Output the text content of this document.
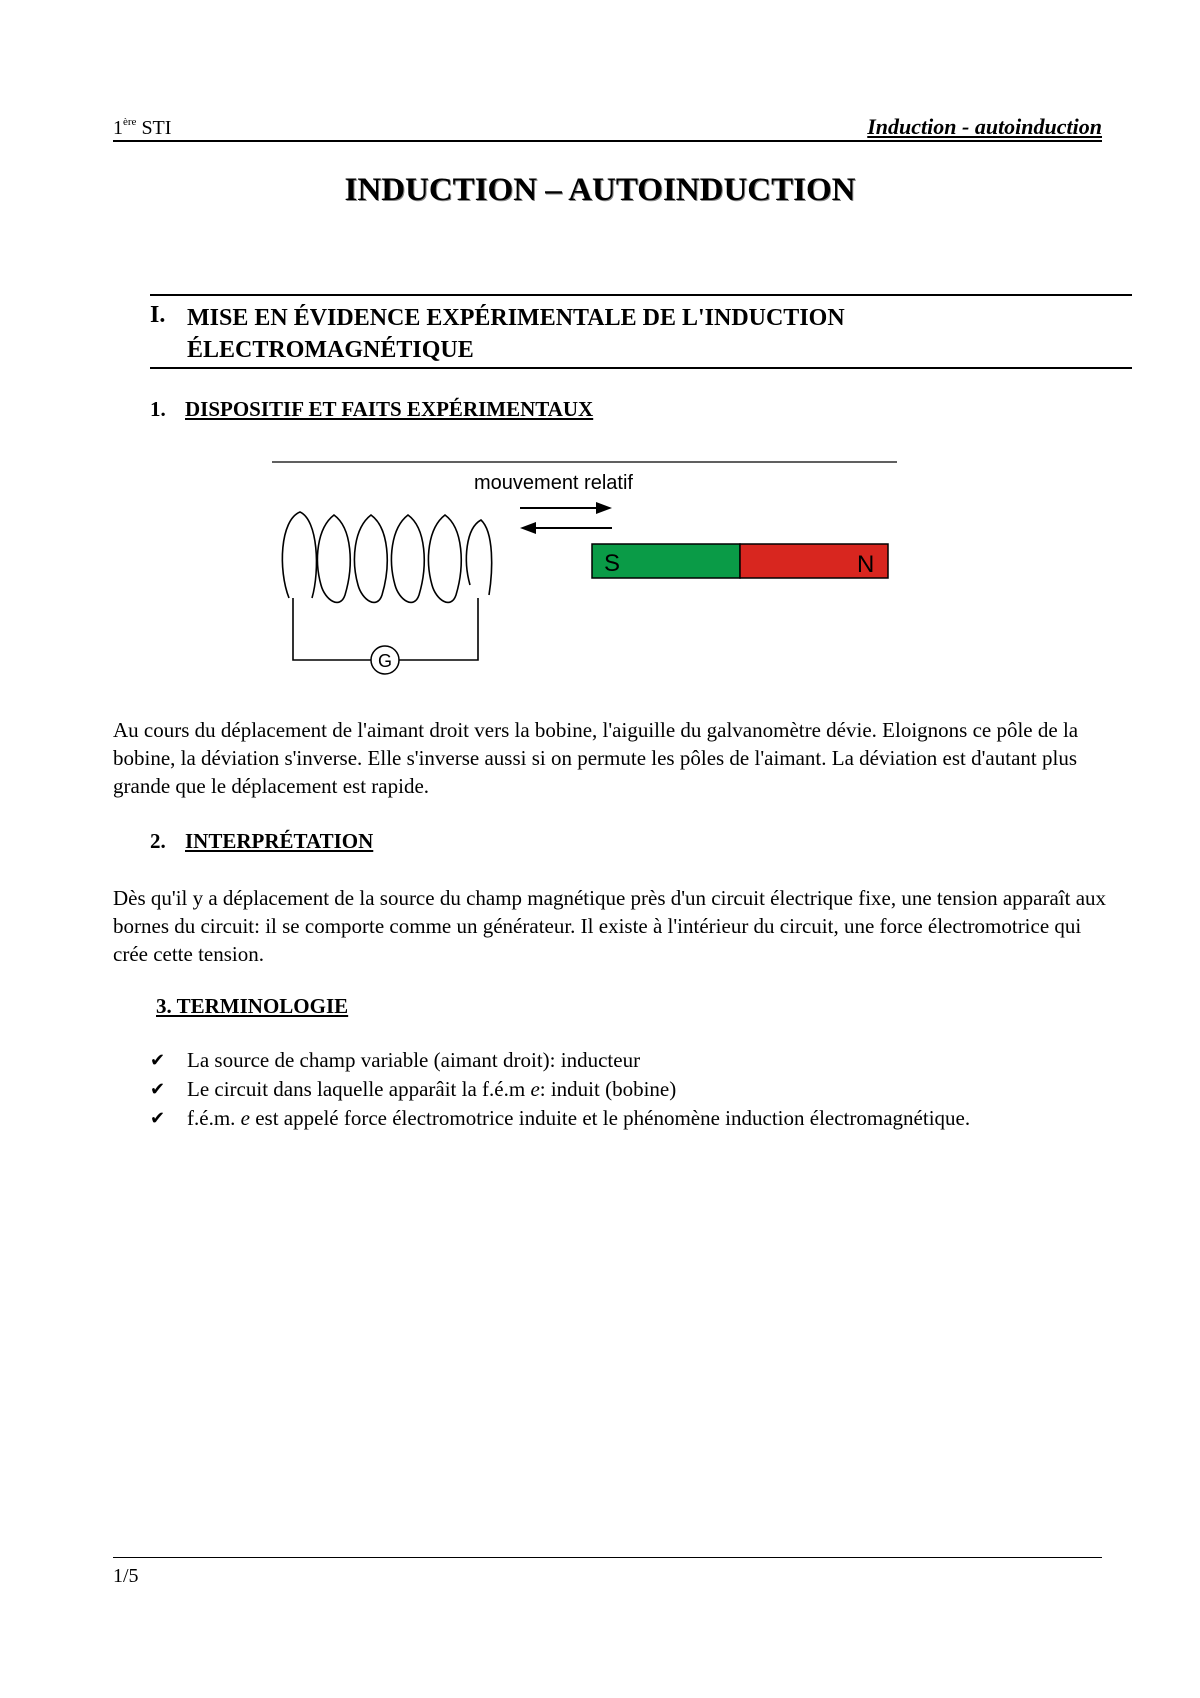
1ère STI	Induction - autoinduction
INDUCTION – AUTOINDUCTION
I. MISE EN ÉVIDENCE EXPÉRIMENTALE DE L'INDUCTION ÉLECTROMAGNÉTIQUE
1. DISPOSITIF ET FAITS EXPÉRIMENTAUX
mouvement relatif
G
S	N
Au cours du déplacement de l'aimant droit vers la bobine, l'aiguille du galvanomètre dévie. Eloignons ce pôle de la bobine, la déviation s'inverse. Elle s'inverse aussi si on permute les pôles de l'aimant. La déviation est d'autant plus grande que le déplacement est rapide.
2. INTERPRÉTATION
Dès qu'il y a déplacement de la source du champ magnétique près d'un circuit électrique fixe, une tension apparaît aux bornes du circuit: il se comporte comme un générateur. Il existe à l'intérieur du circuit, une force électromotrice qui crée cette tension.
3. TERMINOLOGIE
✔ La source de champ variable (aimant droit): inducteur
✔ Le circuit dans laquelle apparâit la f.é.m e: induit (bobine)
✔ f.é.m. e est appelé force électromotrice induite et le phénomène induction électromagnétique.
1/5
